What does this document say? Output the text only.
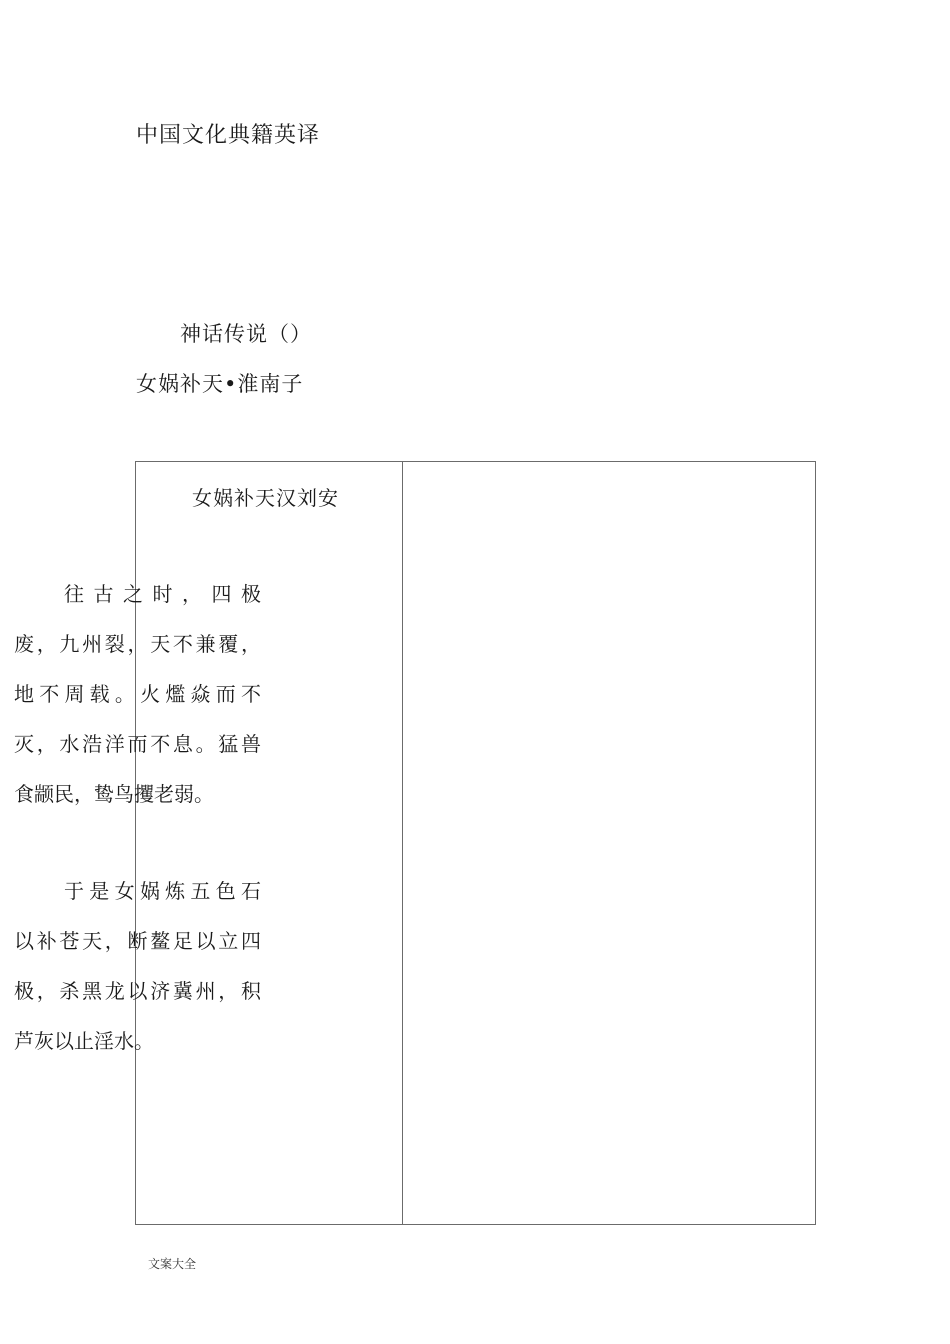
中国文化典籍英译
神话传说（）
女娲补天•淮南子
女娲补天汉刘安
往古之时，四极
废，九州裂，天不兼覆，
地不周载。火爁焱而不
灭，水浩洋而不息。猛兽
食颛民，鸷鸟攫老弱。
于是女娲炼五色石
以补苍天，断鳌足以立四
极，杀黑龙以济冀州，积
芦灰以止淫水。
文案大全
